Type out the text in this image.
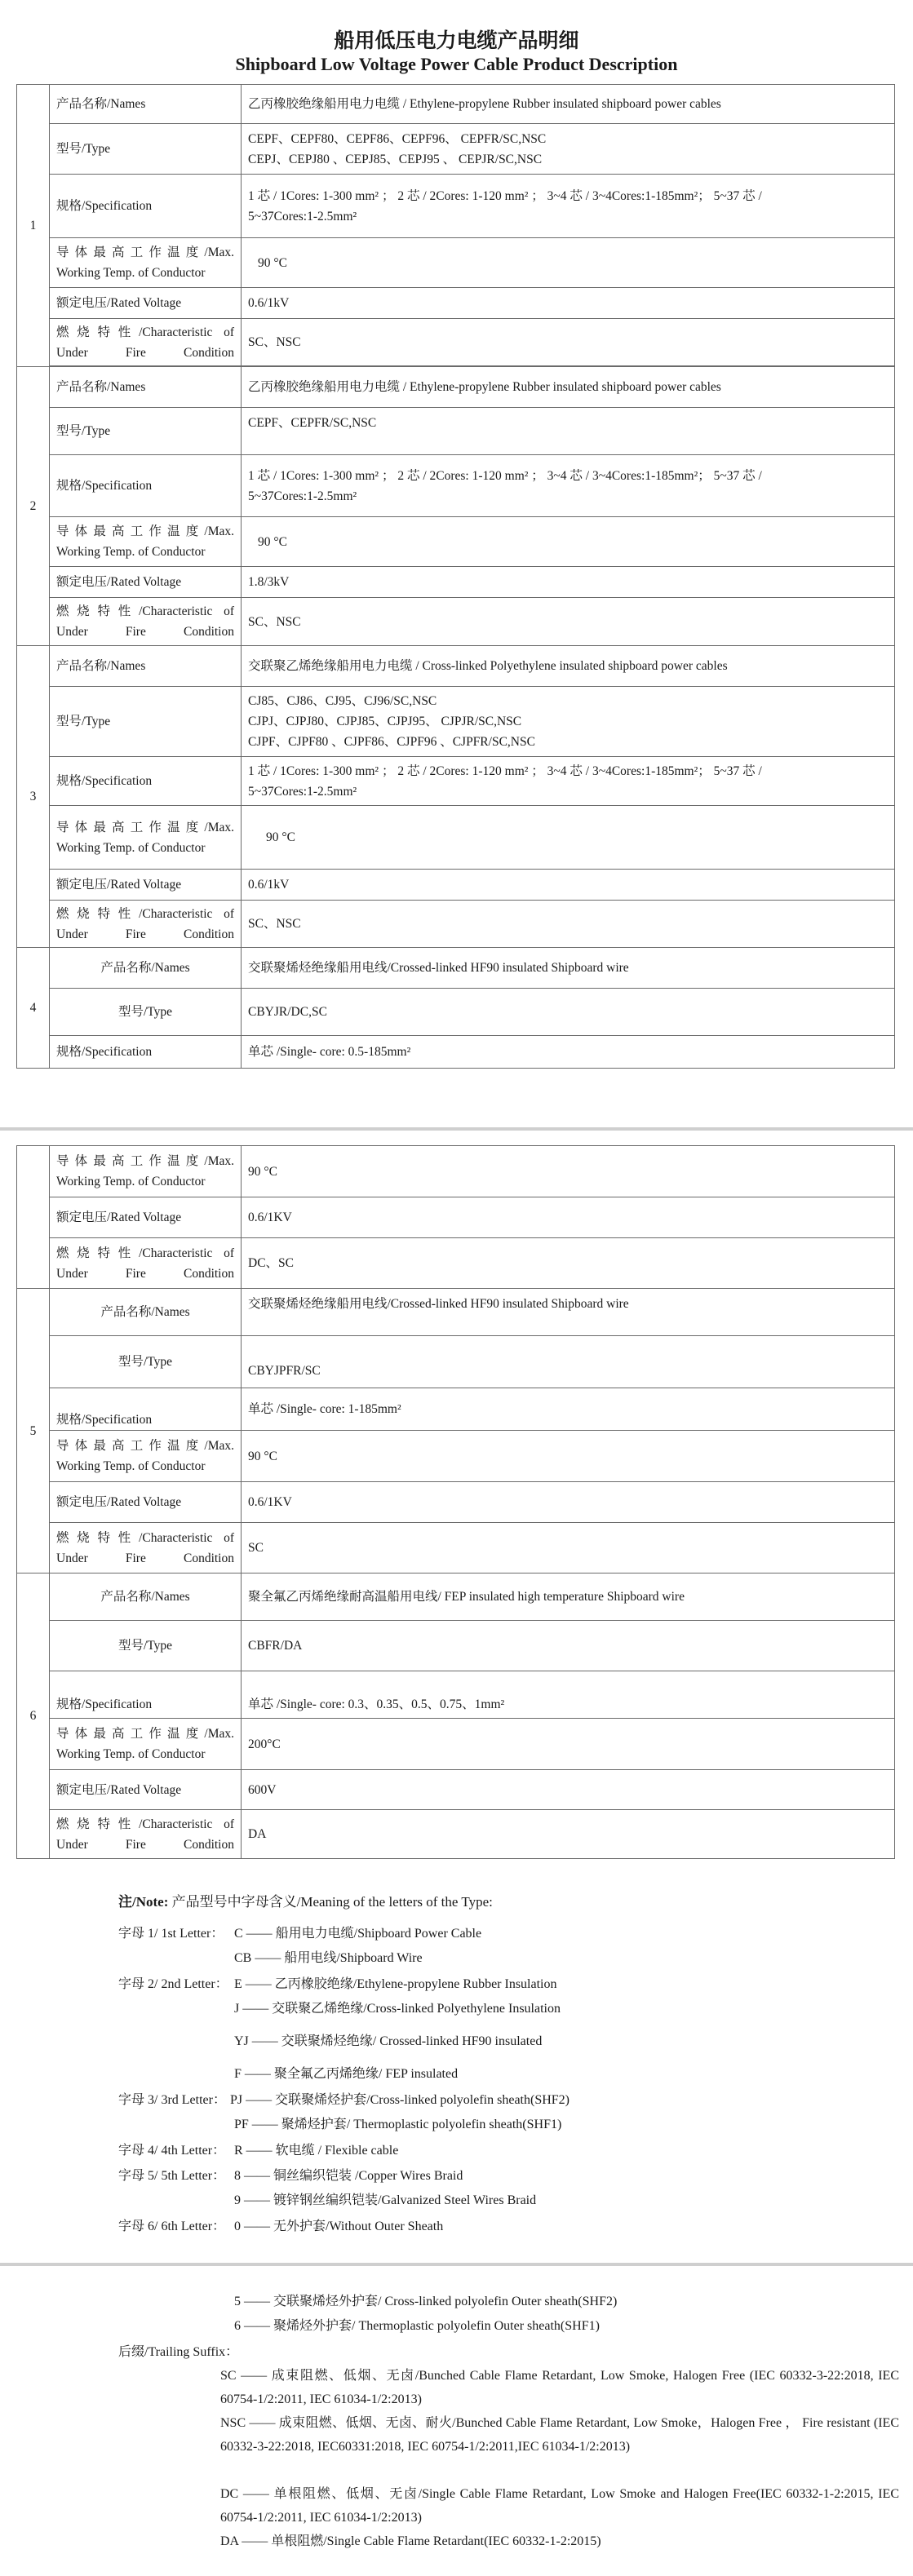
船用低压电力电缆产品明细
Shipboard Low Voltage Power Cable Product Description
1	产品名称/Names	乙丙橡胶绝缘船用电力电缆 / Ethylene-propylene Rubber insulated shipboard power cables
	型号/Type	CEPF、CEPF80、CEPF86、CEPF96、 CEPFR/SC,NSC
CEPJ、CEPJ80 、CEPJ85、CEPJ95 、 CEPJR/SC,NSC

	规格/Specification	1 芯 / 1Cores: 1-300 mm² ； 2 芯 / 2Cores: 1-120 mm² ； 3~4 芯 / 3~4Cores:1-185mm²； 5~37 芯 /
5~37Cores:1-2.5mm²

	导体最高工作温度/Max.
Working Temp. of Conductor	90 °C
	额定电压/Rated Voltage	0.6/1kV

	燃烧特性/Characteristic of
Under Fire Condition	SC、NSC

2	产品名称/Names	乙丙橡胶绝缘船用电力电缆 / Ethylene-propylene Rubber insulated shipboard power cables
	型号/Type	CEPF、CEPFR/SC,NSC
	规格/Specification	1 芯 / 1Cores: 1-300 mm² ； 2 芯 / 2Cores: 1-120 mm² ； 3~4 芯 / 3~4Cores:1-185mm²； 5~37 芯 /
5~37Cores:1-2.5mm²

	导体最高工作温度/Max.
Working Temp. of Conductor	90 °C
	额定电压/Rated Voltage	1.8/3kV

	燃烧特性/Characteristic of
Under Fire Condition	SC、NSC
3	产品名称/Names	交联聚乙烯绝缘船用电力电缆 / Cross-linked Polyethylene insulated shipboard power cables
	型号/Type	CJ85、CJ86、CJ95、CJ96/SC,NSC
CJPJ、CJPJ80、CJPJ85、CJPJ95、 CJPJR/SC,NSC
CJPF、CJPF80 、CJPF86、CJPF96 、CJPFR/SC,NSC

	规格/Specification	1 芯 / 1Cores: 1-300 mm² ； 2 芯 / 2Cores: 1-120 mm² ； 3~4 芯 / 3~4Cores:1-185mm²； 5~37 芯 /
5~37Cores:1-2.5mm²

	导体最高工作温度/Max.
Working Temp. of Conductor	90 °C
	额定电压/Rated Voltage	0.6/1kV

	燃烧特性/Characteristic of
Under Fire Condition	SC、NSC
4	产品名称/Names	交联聚烯烃绝缘船用电线/Crossed-linked HF90 insulated Shipboard wire
	型号/Type	CBYJR/DC,SC
	规格/Specification	单芯 /Single- core: 0.5-185mm²

	导体最高工作温度/Max.
Working Temp. of Conductor	90 °C
	额定电压/Rated Voltage	0.6/1KV

	燃烧特性/Characteristic of
Under Fire Condition	DC、SC
5	产品名称/Names	交联聚烯烃绝缘船用电线/Crossed-linked HF90 insulated Shipboard wire
	型号/Type	CBYJPFR/SC
	规格/Specification	单芯 /Single- core: 1-185mm²

	导体最高工作温度/Max.
Working Temp. of Conductor	90 °C
	额定电压/Rated Voltage	0.6/1KV

	燃烧特性/Characteristic of
Under Fire Condition	SC
6	产品名称/Names	聚全氟乙丙烯绝缘耐高温船用电线/ FEP insulated high temperature Shipboard wire
	型号/Type	CBFR/DA
	规格/Specification	单芯 /Single- core: 0.3、0.35、0.5、0.75、1mm²

	导体最高工作温度/Max.
Working Temp. of Conductor	200°C
	额定电压/Rated Voltage	600V

	燃烧特性/Characteristic of
Under Fire Condition	DA
注/Note: 产品型号中字母含义/Meaning of the letters of the Type:
字母 1/ 1st Letter： C —— 船用电力电缆/Shipboard Power Cable
CB —— 船用电线/Shipboard Wire
字母 2/ 2nd Letter： E —— 乙丙橡胶绝缘/Ethylene-propylene Rubber Insulation
J —— 交联聚乙烯绝缘/Cross-linked Polyethylene Insulation
YJ —— 交联聚烯烃绝缘/ Crossed-linked HF90 insulated
F —— 聚全氟乙丙烯绝缘/ FEP insulated
字母 3/ 3rd Letter： PJ —— 交联聚烯烃护套/Cross-linked polyolefin sheath(SHF2)
PF —— 聚烯烃护套/ Thermoplastic polyolefin sheath(SHF1)
字母 4/ 4th Letter： R —— 软电缆 / Flexible cable
字母 5/ 5th Letter： 8 —— 铜丝编织铠装 /Copper Wires Braid
9 —— 镀锌钢丝编织铠装/Galvanized Steel Wires Braid
字母 6/ 6th Letter： 0 —— 无外护套/Without Outer Sheath
5 —— 交联聚烯烃外护套/ Cross-linked polyolefin Outer sheath(SHF2)
6 —— 聚烯烃外护套/ Thermoplastic polyolefin Outer sheath(SHF1)
后缀/Trailing Suffix：
SC —— 成束阻燃、低烟、无卤/Bunched Cable Flame Retardant, Low Smoke, Halogen Free (IEC 60332-3-22:2018, IEC 60754-1/2:2011, IEC 61034-1/2:2013)
NSC —— 成束阻燃、低烟、无卤、耐火/Bunched Cable Flame Retardant, Low Smoke，Halogen Free ， Fire resistant (IEC 60332-3-22:2018, IEC60331:2018, IEC 60754-1/2:2011,IEC 61034-1/2:2013)
DC —— 单根阻燃、低烟、无卤/Single Cable Flame Retardant, Low Smoke and Halogen Free(IEC 60332-1-2:2015, IEC 60754-1/2:2011, IEC 61034-1/2:2013)
DA —— 单根阻燃/Single Cable Flame Retardant(IEC 60332-1-2:2015)
